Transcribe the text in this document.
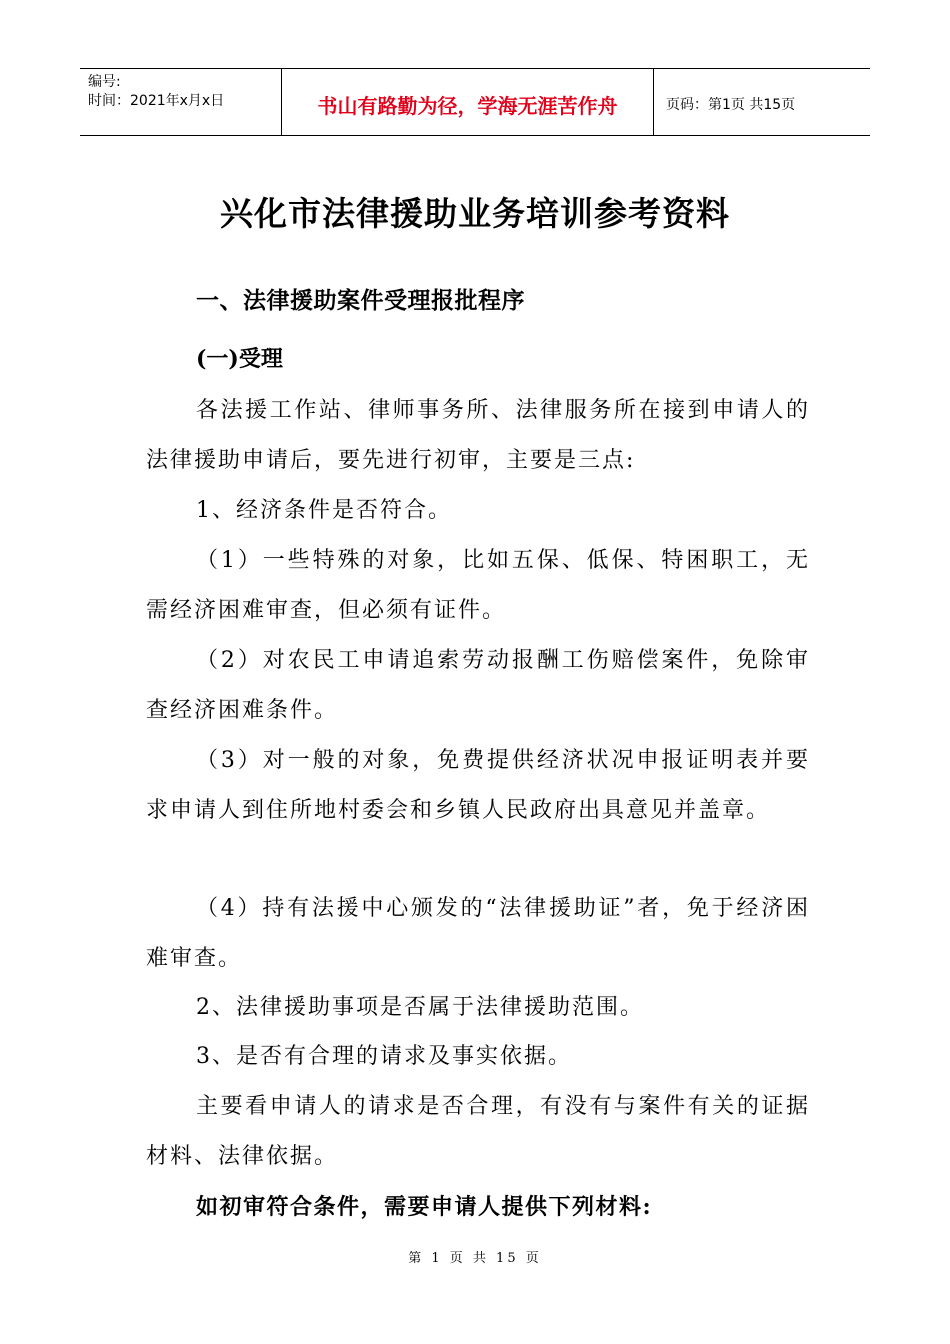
编号:
时间：2021年x月x日	书山有路勤为径，学海无涯苦作舟	页码：第1页 共15页
兴化市法律援助业务培训参考资料
一、法律援助案件受理报批程序
(一)受理

各法援工作站、律师事务所、法律服务所在接到申请人的法律援助申请后，要先进行初审，主要是三点:

1、经济条件是否符合。

（1）一些特殊的对象，比如五保、低保、特困职工，无需经济困难审查，但必须有证件。

（2）对农民工申请追索劳动报酬工伤赔偿案件，免除审查经济困难条件。

（3）对一般的对象，免费提供经济状况申报证明表并要求申请人到住所地村委会和乡镇人民政府出具意见并盖章。

（4）持有法援中心颁发的“法律援助证”者，免于经济困难审查。

2、法律援助事项是否属于法律援助范围。

3、是否有合理的请求及事实依据。

主要看申请人的请求是否合理，有没有与案件有关的证据材料、法律依据。

如初审符合条件，需要申请人提供下列材料:

第 1 页 共 15 页
